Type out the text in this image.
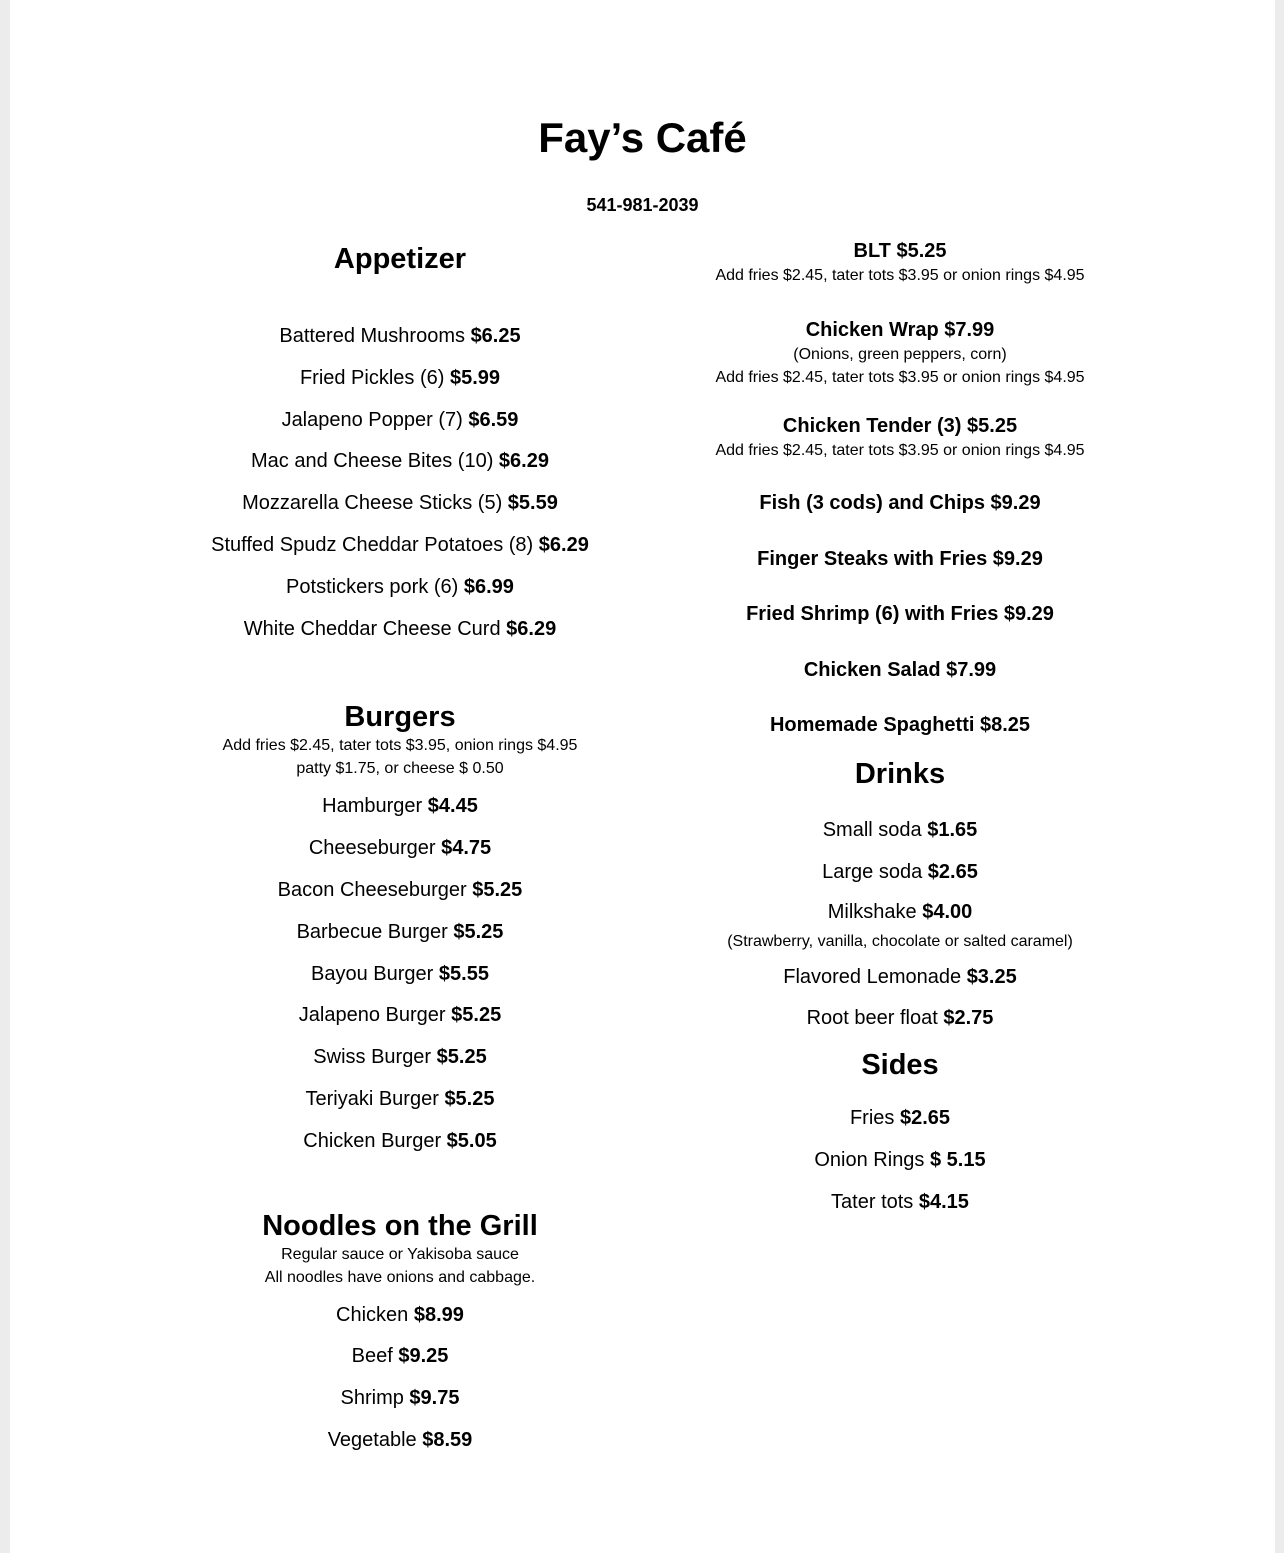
Fay’s Café
541-981-2039
Appetizer
Battered Mushrooms $6.25
Fried Pickles (6) $5.99
Jalapeno Popper (7) $6.59
Mac and Cheese Bites (10) $6.29
Mozzarella Cheese Sticks (5) $5.59
Stuffed Spudz Cheddar Potatoes (8) $6.29
Potstickers pork (6) $6.99
White Cheddar Cheese Curd $6.29
Burgers
Add fries $2.45, tater tots $3.95, onion rings $4.95
patty $1.75, or cheese $ 0.50
Hamburger $4.45
Cheeseburger $4.75
Bacon Cheeseburger $5.25
Barbecue Burger $5.25
Bayou Burger $5.55
Jalapeno Burger $5.25
Swiss Burger $5.25
Teriyaki Burger $5.25
Chicken Burger $5.05
Noodles on the Grill
Regular sauce or Yakisoba sauce
All noodles have onions and cabbage.
Chicken $8.99
Beef $9.25
Shrimp $9.75
Vegetable $8.59
BLT $5.25
Add fries $2.45, tater tots $3.95 or onion rings $4.95
Chicken Wrap $7.99
(Onions, green peppers, corn)
Add fries $2.45, tater tots $3.95 or onion rings $4.95
Chicken Tender (3) $5.25
Add fries $2.45, tater tots $3.95 or onion rings $4.95
Fish (3 cods) and Chips $9.29
Finger Steaks with Fries $9.29
Fried Shrimp (6) with Fries $9.29
Chicken Salad $7.99
Homemade Spaghetti $8.25
Drinks
Small soda $1.65
Large soda $2.65
Milkshake $4.00
(Strawberry, vanilla, chocolate or salted caramel)
Flavored Lemonade $3.25
Root beer float $2.75
Sides
Fries $2.65
Onion Rings $ 5.15
Tater tots $4.15
